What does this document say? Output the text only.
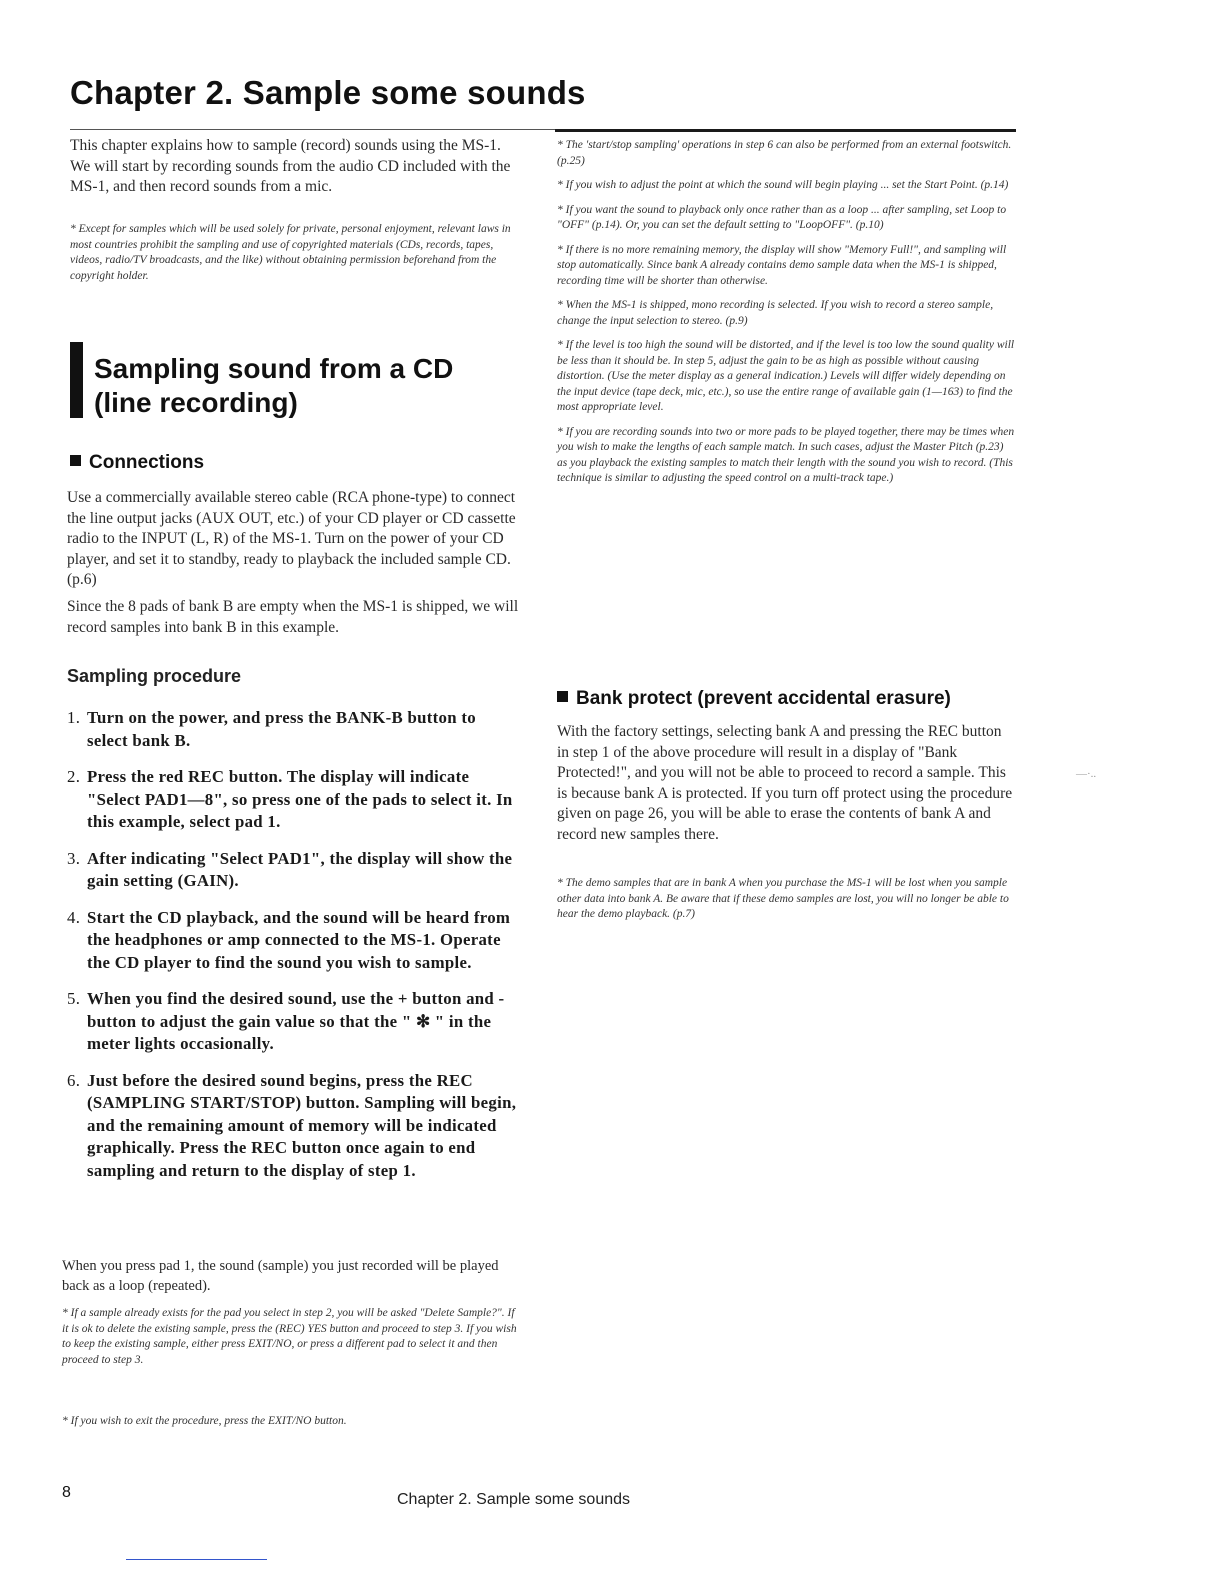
Chapter 2. Sample some sounds

This chapter explains how to sample (record) sounds using the MS-1. We will start by recording sounds from the audio CD included with the MS-1, and then record sounds from a mic.

* Except for samples which will be used solely for private, personal enjoyment, relevant laws in most countries prohibit the sampling and use of copyrighted materials (CDs, records, tapes, videos, radio/TV broadcasts, and the like) without obtaining permission beforehand from the copyright holder.

Sampling sound from a CD
(line recording)
Connections

Use a commercially available stereo cable (RCA phone-type) to connect the line output jacks (AUX OUT, etc.) of your CD player or CD cassette radio to the INPUT (L, R) of the MS-1. Turn on the power of your CD player, and set it to standby, ready to playback the included sample CD. (p.6)

Since the 8 pads of bank B are empty when the MS-1 is shipped, we will record samples into bank B in this example.

Sampling procedure
1. Turn on the power, and press the BANK-B button to select bank B.
2. Press the red REC button. The display will indicate "Select PAD1—8", so press one of the pads to select it. In this example, select pad 1.
3. After indicating "Select PAD1", the display will show the gain setting (GAIN).
4. Start the CD playback, and the sound will be heard from the headphones or amp connected to the MS-1. Operate the CD player to find the sound you wish to sample.
5. When you find the desired sound, use the + button and - button to adjust the gain value so that the " ✻ " in the meter lights occasionally.
6. Just before the desired sound begins, press the REC (SAMPLING START/STOP) button. Sampling will begin, and the remaining amount of memory will be indicated graphically. Press the REC button once again to end sampling and return to the display of step 1.

When you press pad 1, the sound (sample) you just recorded will be played back as a loop (repeated).

* If a sample already exists for the pad you select in step 2, you will be asked "Delete Sample?". If it is ok to delete the existing sample, press the (REC) YES button and proceed to step 3. If you wish to keep the existing sample, either press EXIT/NO, or press a different pad to select it and then proceed to step 3.

* If you wish to exit the procedure, press the EXIT/NO button.

* The 'start/stop sampling' operations in step 6 can also be performed from an external footswitch. (p.25)

* If you wish to adjust the point at which the sound will begin playing ... set the Start Point. (p.14)

* If you want the sound to playback only once rather than as a loop ... after sampling, set Loop to "OFF" (p.14). Or, you can set the default setting to "LoopOFF". (p.10)

* If there is no more remaining memory, the display will show "Memory Full!", and sampling will stop automatically. Since bank A already contains demo sample data when the MS-1 is shipped, recording time will be shorter than otherwise.

* When the MS-1 is shipped, mono recording is selected. If you wish to record a stereo sample, change the input selection to stereo. (p.9)

* If the level is too high the sound will be distorted, and if the level is too low the sound quality will be less than it should be. In step 5, adjust the gain to be as high as possible without causing distortion. (Use the meter display as a general indication.) Levels will differ widely depending on the input device (tape deck, mic, etc.), so use the entire range of available gain (1—163) to find the most appropriate level.

* If you are recording sounds into two or more pads to be played together, there may be times when you wish to make the lengths of each sample match. In such cases, adjust the Master Pitch (p.23) as you playback the existing samples to match their length with the sound you wish to record. (This technique is similar to adjusting the speed control on a multi-track tape.)

Bank protect (prevent accidental erasure)

With the factory settings, selecting bank A and pressing the REC button in step 1 of the above procedure will result in a display of "Bank Protected!", and you will not be able to proceed to record a sample. This is because bank A is protected. If you turn off protect using the procedure given on page 26, you will be able to erase the contents of bank A and record new samples there.

* The demo samples that are in bank A when you purchase the MS-1 will be lost when you sample other data into bank A. Be aware that if these demo samples are lost, you will no longer be able to hear the demo playback. (p.7)

—·..
8	Chapter 2. Sample some sounds
